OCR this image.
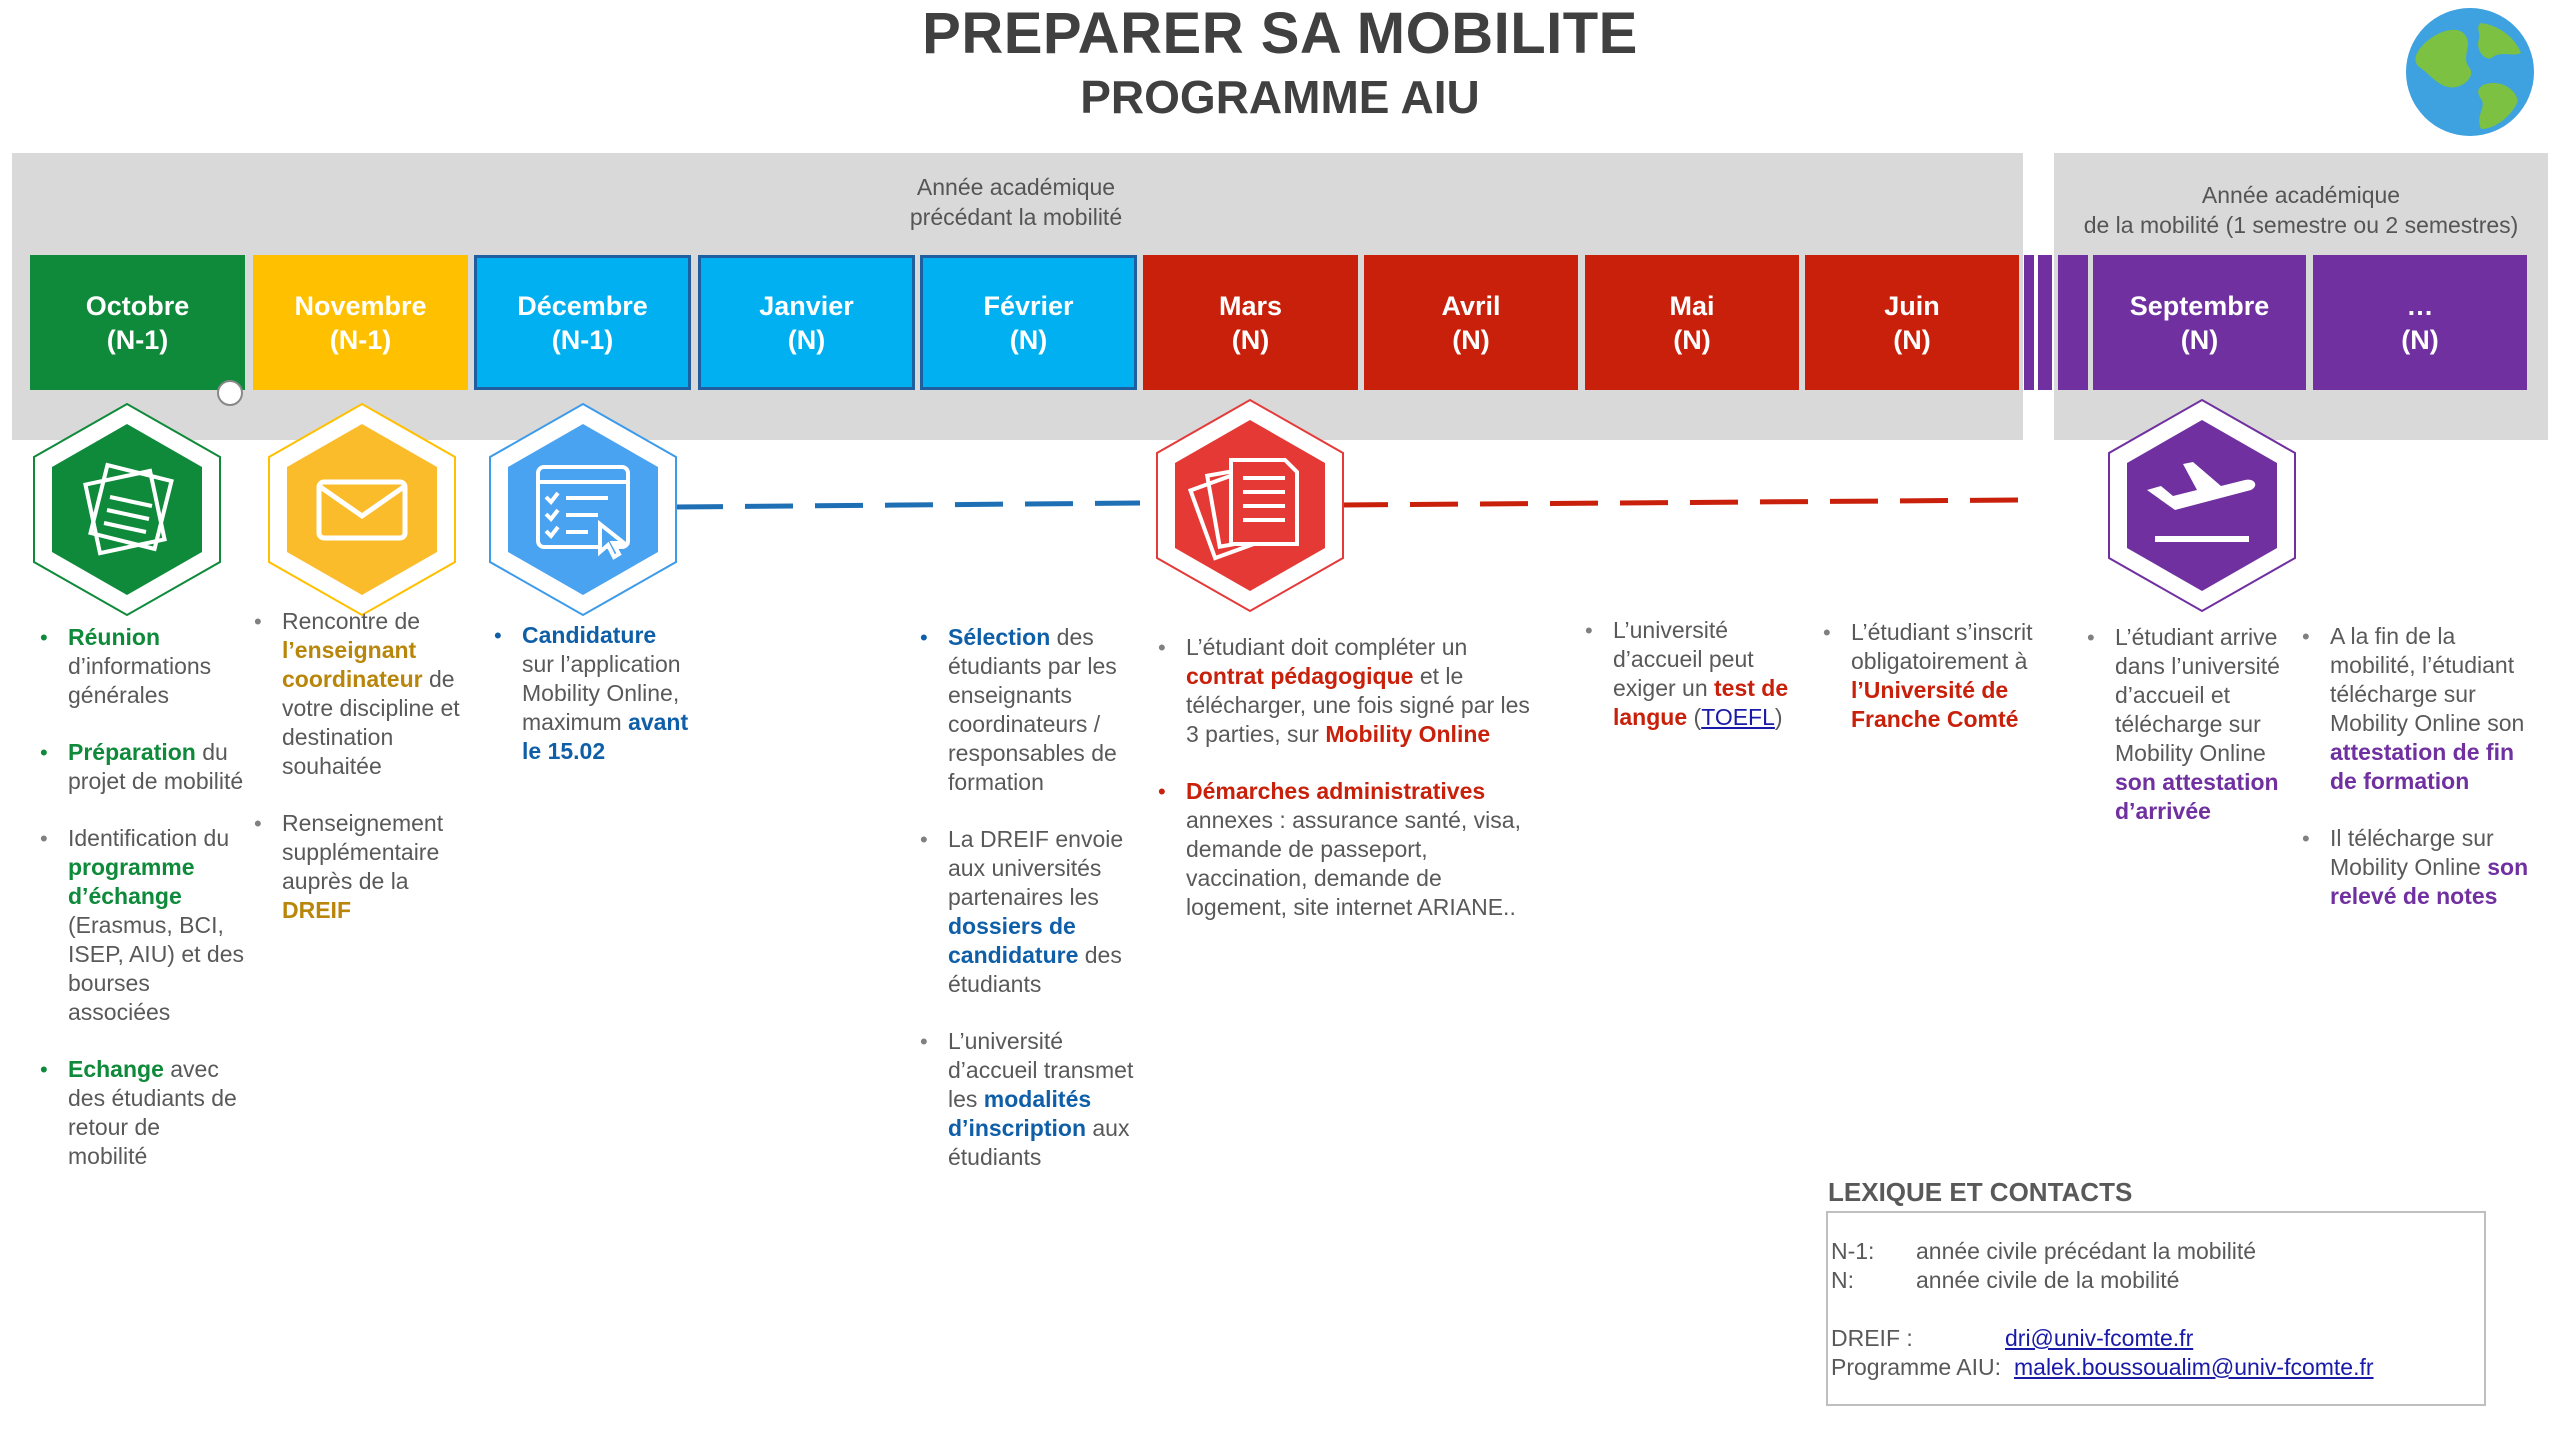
PREPARER SA MOBILITE
PROGRAMME AIU
Année académique
précédant la mobilité
Année académique
de la mobilité (1 semestre ou 2 semestres)
Octobre
(N-1)
Novembre
(N-1)
Décembre
(N-1)
Janvier
(N)
Février
(N)
Mars
(N)
Avril
(N)
Mai
(N)
Juin
(N)
Septembre
(N)
…
(N)
• Réunion
d’informations générales
• Préparation du projet de mobilité
• Identification du programme d’échange (Erasmus, BCI, ISEP, AIU) et des bourses associées
• Echange avec des étudiants de retour de mobilité
• Rencontre de l’enseignant coordinateur de votre discipline et destination souhaitée
• Renseignement supplémentaire auprès de la DREIF
• Candidature
sur l’application Mobility Online, maximum avant le 15.02
• Sélection des étudiants par les enseignants coordinateurs / responsables de formation
• La DREIF envoie aux universités partenaires les dossiers de candidature des étudiants
• L’université d’accueil transmet les modalités d’inscription aux étudiants
• L’étudiant doit compléter un contrat pédagogique et le télécharger, une fois signé par les 3 parties, sur Mobility Online
• Démarches administratives
annexes : assurance santé, visa, demande de passeport, vaccination, demande de logement, site internet ARIANE..
• L’université d’accueil peut exiger un test de langue (TOEFL)
• L’étudiant s’inscrit obligatoirement à l’Université de Franche Comté
• L’étudiant arrive dans l’université d’accueil et télécharge sur Mobility Online son attestation d’arrivée
• A la fin de la mobilité, l’étudiant télécharge sur Mobility Online son attestation de fin de formation
• Il télécharge sur Mobility Online son relevé de notes
LEXIQUE ET CONTACTS
N-1: année civile précédant la mobilité
N:	année civile de la mobilité
DREIF :	dri@univ-fcomte.fr
Programme AIU: malek.boussoualim@univ-fcomte.fr
